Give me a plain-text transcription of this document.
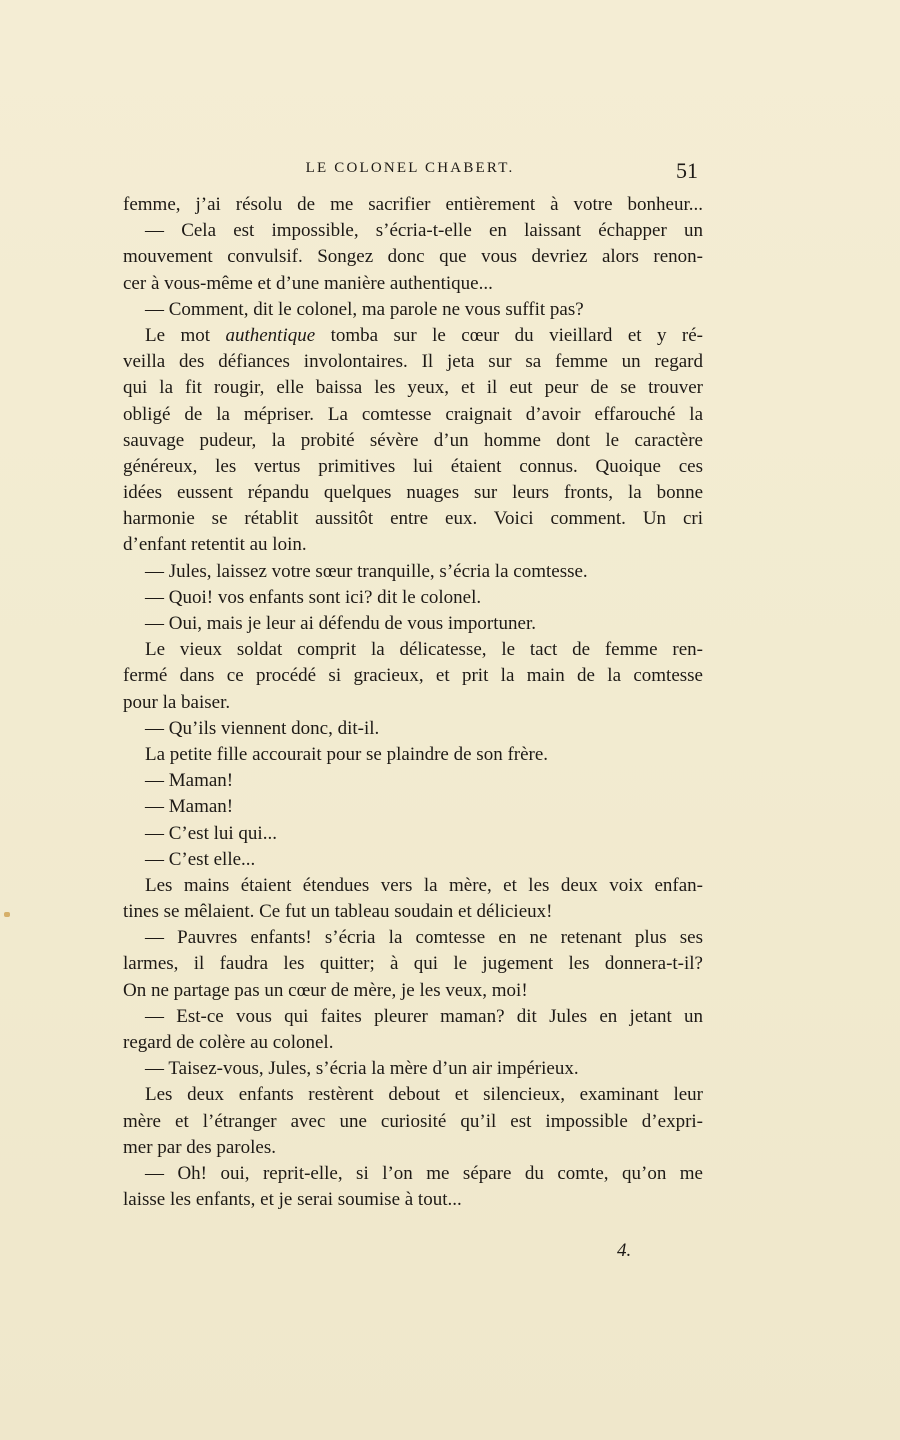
LE COLONEL CHABERT.	51
femme, j’ai résolu de me sacrifier entièrement à votre bonheur...
— Cela est impossible, s’écria-t-elle en laissant échapper un
mouvement convulsif. Songez donc que vous devriez alors renon-
cer à vous-même et d’une manière authentique...
— Comment, dit le colonel, ma parole ne vous suffit pas?
Le mot authentique tomba sur le cœur du vieillard et y ré-
veilla des défiances involontaires. Il jeta sur sa femme un regard
qui la fit rougir, elle baissa les yeux, et il eut peur de se trouver
obligé de la mépriser. La comtesse craignait d’avoir effarouché la
sauvage pudeur, la probité sévère d’un homme dont le caractère
généreux, les vertus primitives lui étaient connus. Quoique ces
idées eussent répandu quelques nuages sur leurs fronts, la bonne
harmonie se rétablit aussitôt entre eux. Voici comment. Un cri
d’enfant retentit au loin.
— Jules, laissez votre sœur tranquille, s’écria la comtesse.
— Quoi! vos enfants sont ici? dit le colonel.
— Oui, mais je leur ai défendu de vous importuner.
Le vieux soldat comprit la délicatesse, le tact de femme ren-
fermé dans ce procédé si gracieux, et prit la main de la comtesse
pour la baiser.
— Qu’ils viennent donc, dit-il.
La petite fille accourait pour se plaindre de son frère.
— Maman!
— Maman!
— C’est lui qui...
— C’est elle...
Les mains étaient étendues vers la mère, et les deux voix enfan-
tines se mêlaient. Ce fut un tableau soudain et délicieux!
— Pauvres enfants! s’écria la comtesse en ne retenant plus ses
larmes, il faudra les quitter; à qui le jugement les donnera-t-il?
On ne partage pas un cœur de mère, je les veux, moi!
— Est-ce vous qui faites pleurer maman? dit Jules en jetant un
regard de colère au colonel.
— Taisez-vous, Jules, s’écria la mère d’un air impérieux.
Les deux enfants restèrent debout et silencieux, examinant leur
mère et l’étranger avec une curiosité qu’il est impossible d’expri-
mer par des paroles.
— Oh! oui, reprit-elle, si l’on me sépare du comte, qu’on me
laisse les enfants, et je serai soumise à tout...
4.
